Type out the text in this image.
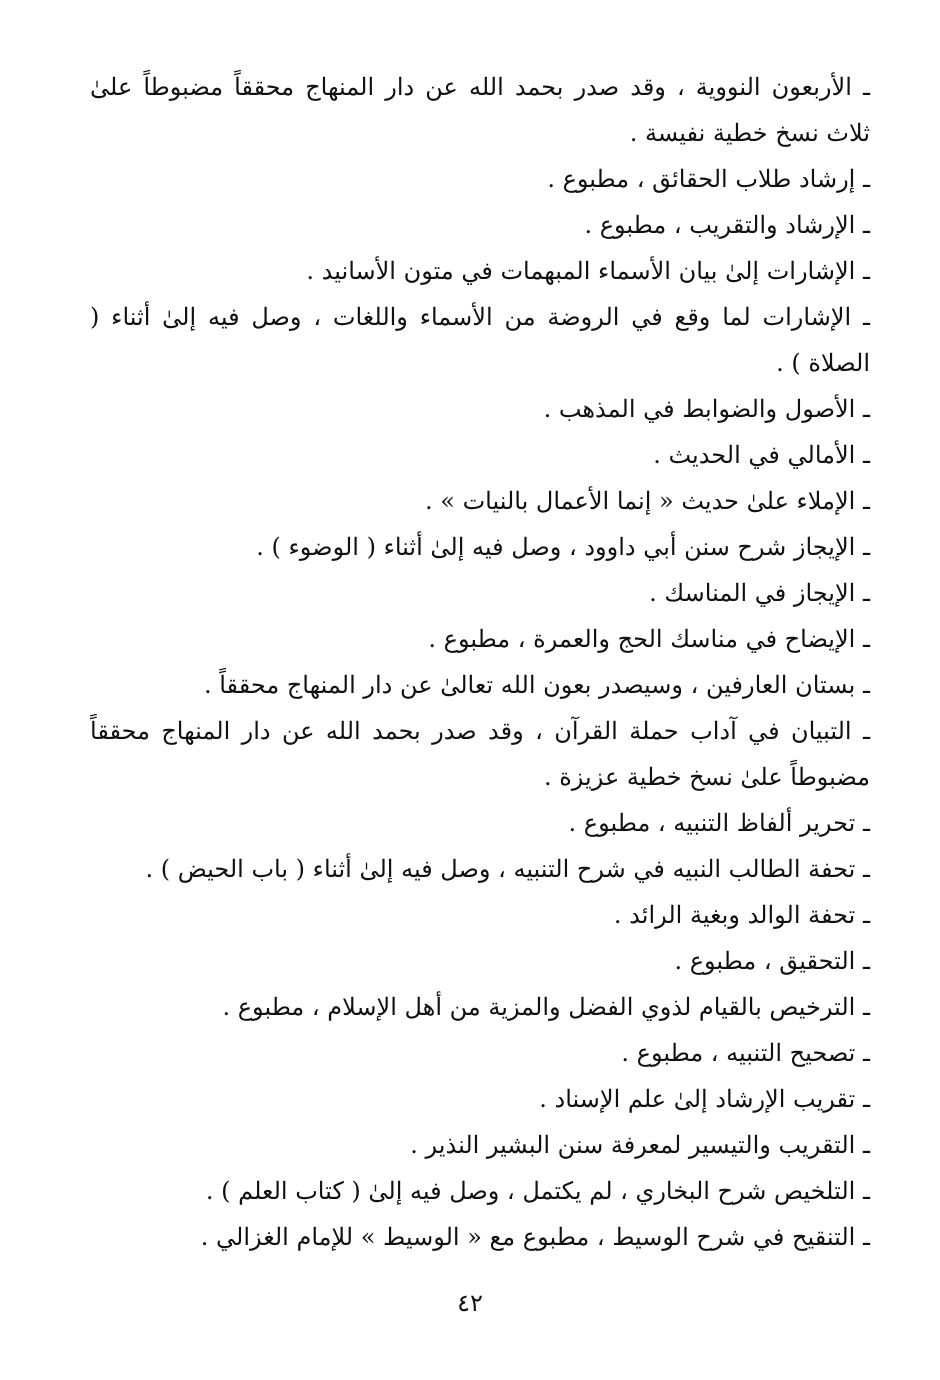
ـ الأربعون النووية ، وقد صدر بحمد الله عن دار المنهاج محققاً مضبوطاً علىٰ ثلاث نسخ خطية نفيسة .

ـ إرشاد طلاب الحقائق ، مطبوع .

ـ الإرشاد والتقريب ، مطبوع .

ـ الإشارات إلىٰ بيان الأسماء المبهمات في متون الأسانيد .

ـ الإشارات لما وقع في الروضة من الأسماء واللغات ، وصل فيه إلىٰ أثناء ( الصلاة ) .

ـ الأصول والضوابط في المذهب .

ـ الأمالي في الحديث .

ـ الإملاء علىٰ حديث « إنما الأعمال بالنيات » .

ـ الإيجاز شرح سنن أبي داوود ، وصل فيه إلىٰ أثناء ( الوضوء ) .

ـ الإيجاز في المناسك .

ـ الإيضاح في مناسك الحج والعمرة ، مطبوع .

ـ بستان العارفين ، وسيصدر بعون الله تعالىٰ عن دار المنهاج محققاً .

ـ التبيان في آداب حملة القرآن ، وقد صدر بحمد الله عن دار المنهاج محققاً مضبوطاً علىٰ نسخ خطية عزيزة .

ـ تحرير ألفاظ التنبيه ، مطبوع .

ـ تحفة الطالب النبيه في شرح التنبيه ، وصل فيه إلىٰ أثناء ( باب الحيض ) .

ـ تحفة الوالد وبغية الرائد .

ـ التحقيق ، مطبوع .

ـ الترخيص بالقيام لذوي الفضل والمزية من أهل الإسلام ، مطبوع .

ـ تصحيح التنبيه ، مطبوع .

ـ تقريب الإرشاد إلىٰ علم الإسناد .

ـ التقريب والتيسير لمعرفة سنن البشير النذير .

ـ التلخيص شرح البخاري ، لم يكتمل ، وصل فيه إلىٰ ( كتاب العلم ) .

ـ التنقيح في شرح الوسيط ، مطبوع مع « الوسيط » للإمام الغزالي .

٤٢
